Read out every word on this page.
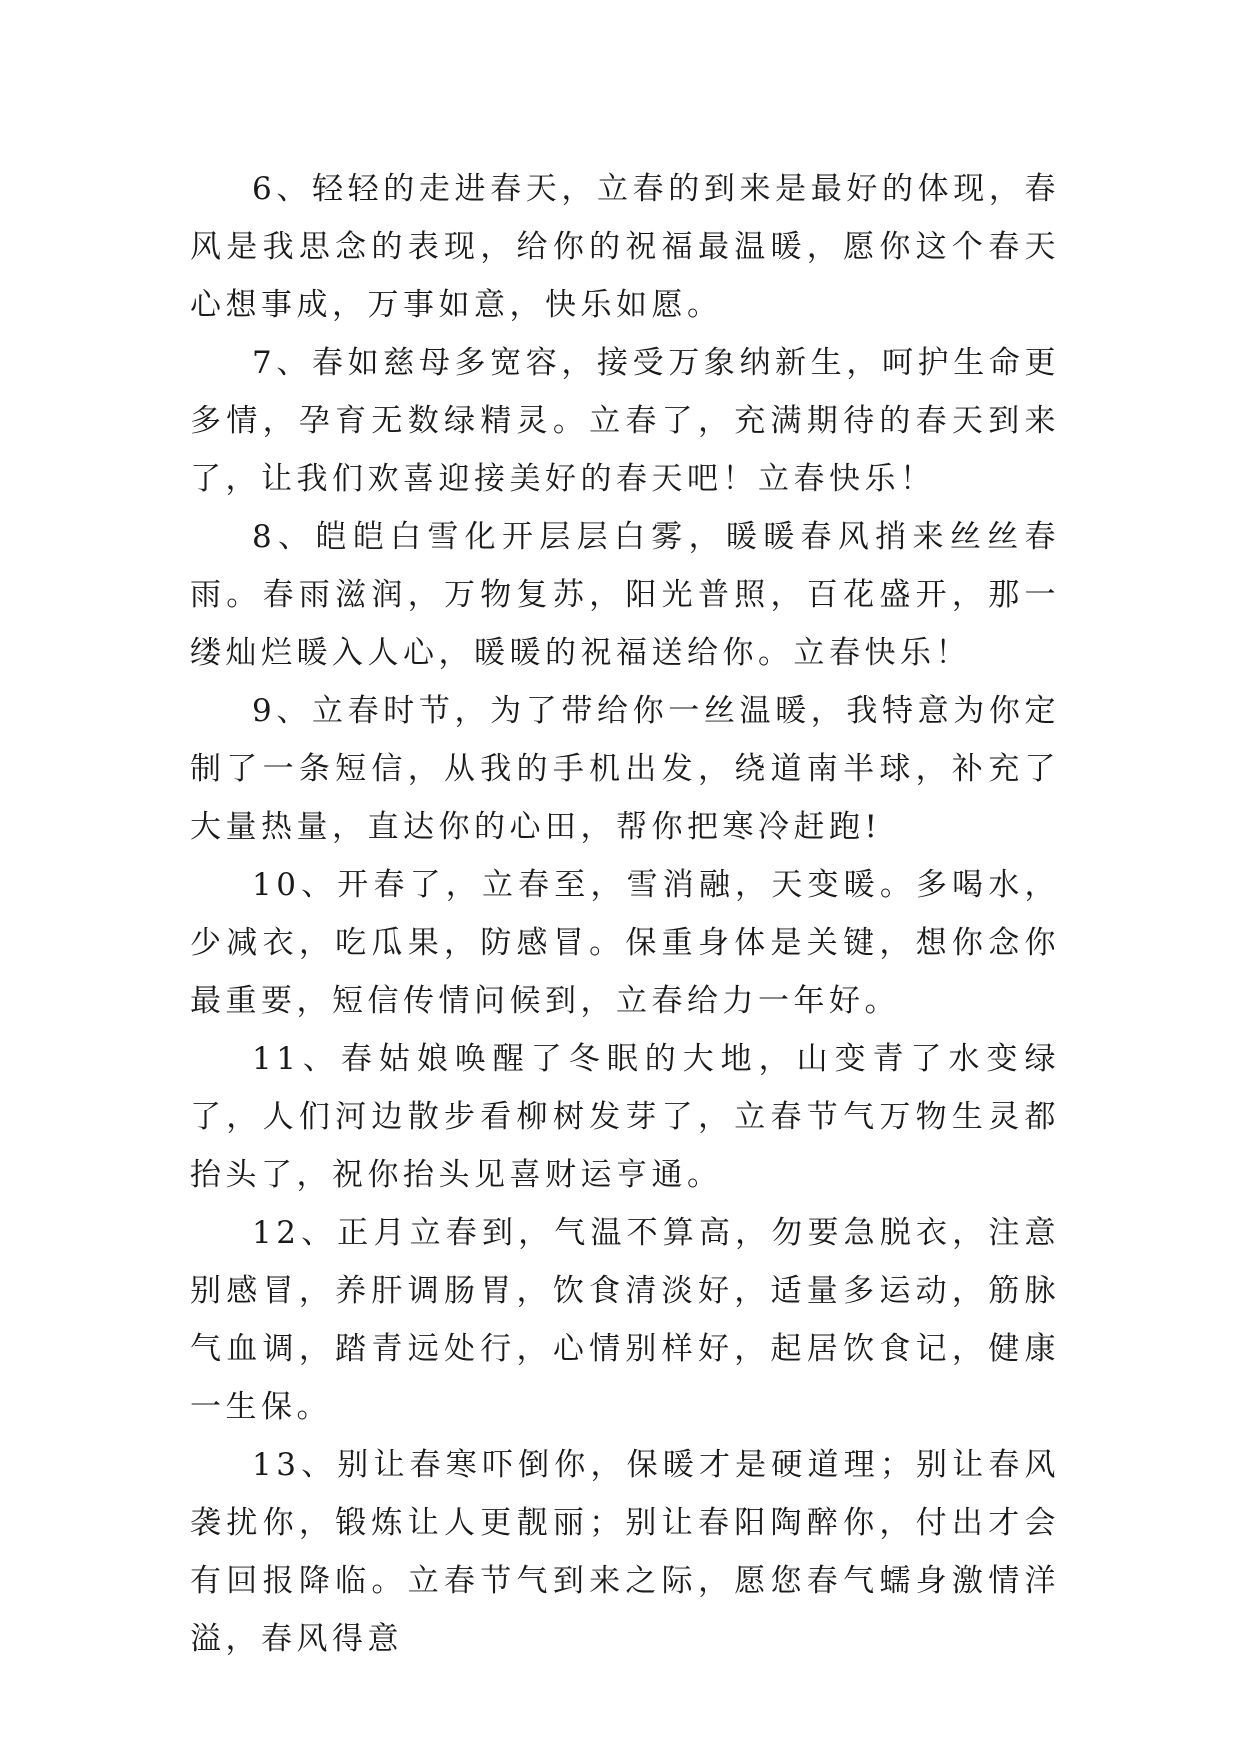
6、轻轻的走进春天，立春的到来是最好的体现，春风是我思念的表现，给你的祝福最温暖，愿你这个春天心想事成，万事如意，快乐如愿。

7、春如慈母多宽容，接受万象纳新生，呵护生命更多情，孕育无数绿精灵。立春了，充满期待的春天到来了，让我们欢喜迎接美好的春天吧！立春快乐！

8、皑皑白雪化开层层白雾，暖暖春风捎来丝丝春雨。春雨滋润，万物复苏，阳光普照，百花盛开，那一缕灿烂暖入人心，暖暖的祝福送给你。立春快乐！

9、立春时节，为了带给你一丝温暖，我特意为你定制了一条短信，从我的手机出发，绕道南半球，补充了大量热量，直达你的心田，帮你把寒冷赶跑!

10、开春了，立春至，雪消融，天变暖。多喝水，少减衣，吃瓜果，防感冒。保重身体是关键，想你念你最重要，短信传情问候到，立春给力一年好。

11、春姑娘唤醒了冬眠的大地，山变青了水变绿了，人们河边散步看柳树发芽了，立春节气万物生灵都抬头了，祝你抬头见喜财运亨通。

12、正月立春到，气温不算高，勿要急脱衣，注意别感冒，养肝调肠胃，饮食清淡好，适量多运动，筋脉气血调，踏青远处行，心情别样好，起居饮食记，健康一生保。

13、别让春寒吓倒你，保暖才是硬道理；别让春风袭扰你，锻炼让人更靓丽；别让春阳陶醉你，付出才会有回报降临。立春节气到来之际，愿您春气蠕身激情洋溢，春风得意
